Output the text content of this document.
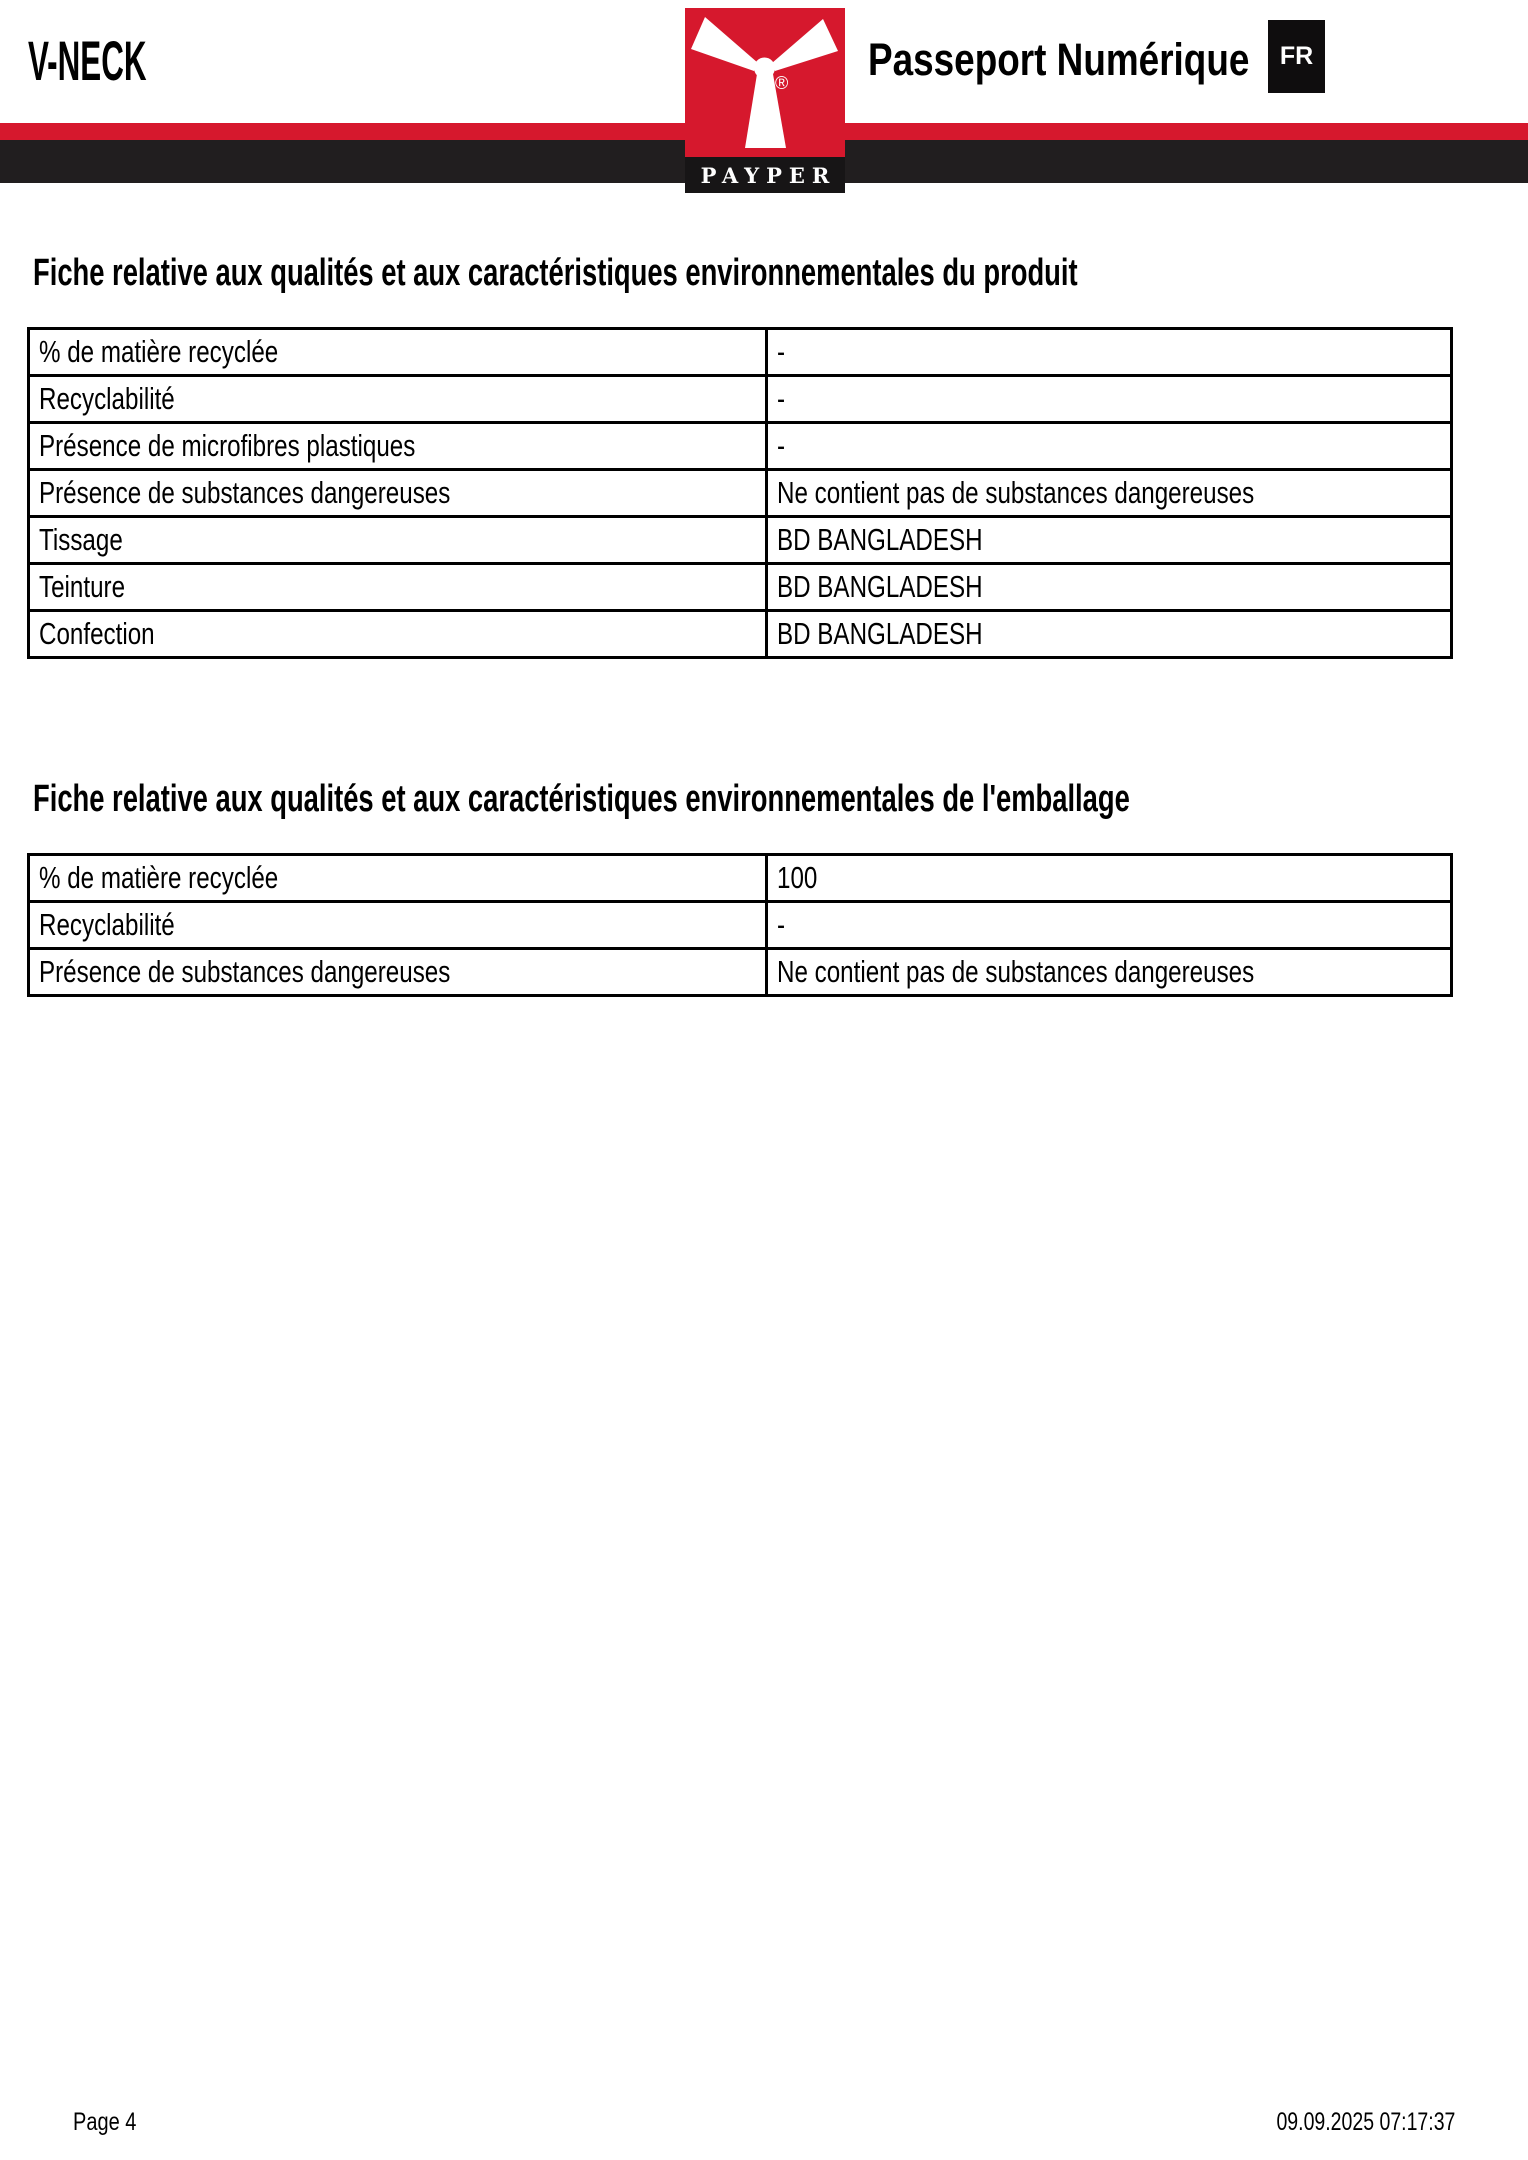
V-NECK	Passeport Numérique	FR
®
PAYPER
Fiche relative aux qualités et aux caractéristiques environnementales du produit
% de matière recyclée	-
Recyclabilité	-
Présence de microfibres plastiques	-
Présence de substances dangereuses	Ne contient pas de substances dangereuses
Tissage	BD BANGLADESH
Teinture	BD BANGLADESH
Confection	BD BANGLADESH
Fiche relative aux qualités et aux caractéristiques environnementales de l'emballage
% de matière recyclée	100
Recyclabilité	-
Présence de substances dangereuses	Ne contient pas de substances dangereuses
Page 4	09.09.2025 07:17:37
